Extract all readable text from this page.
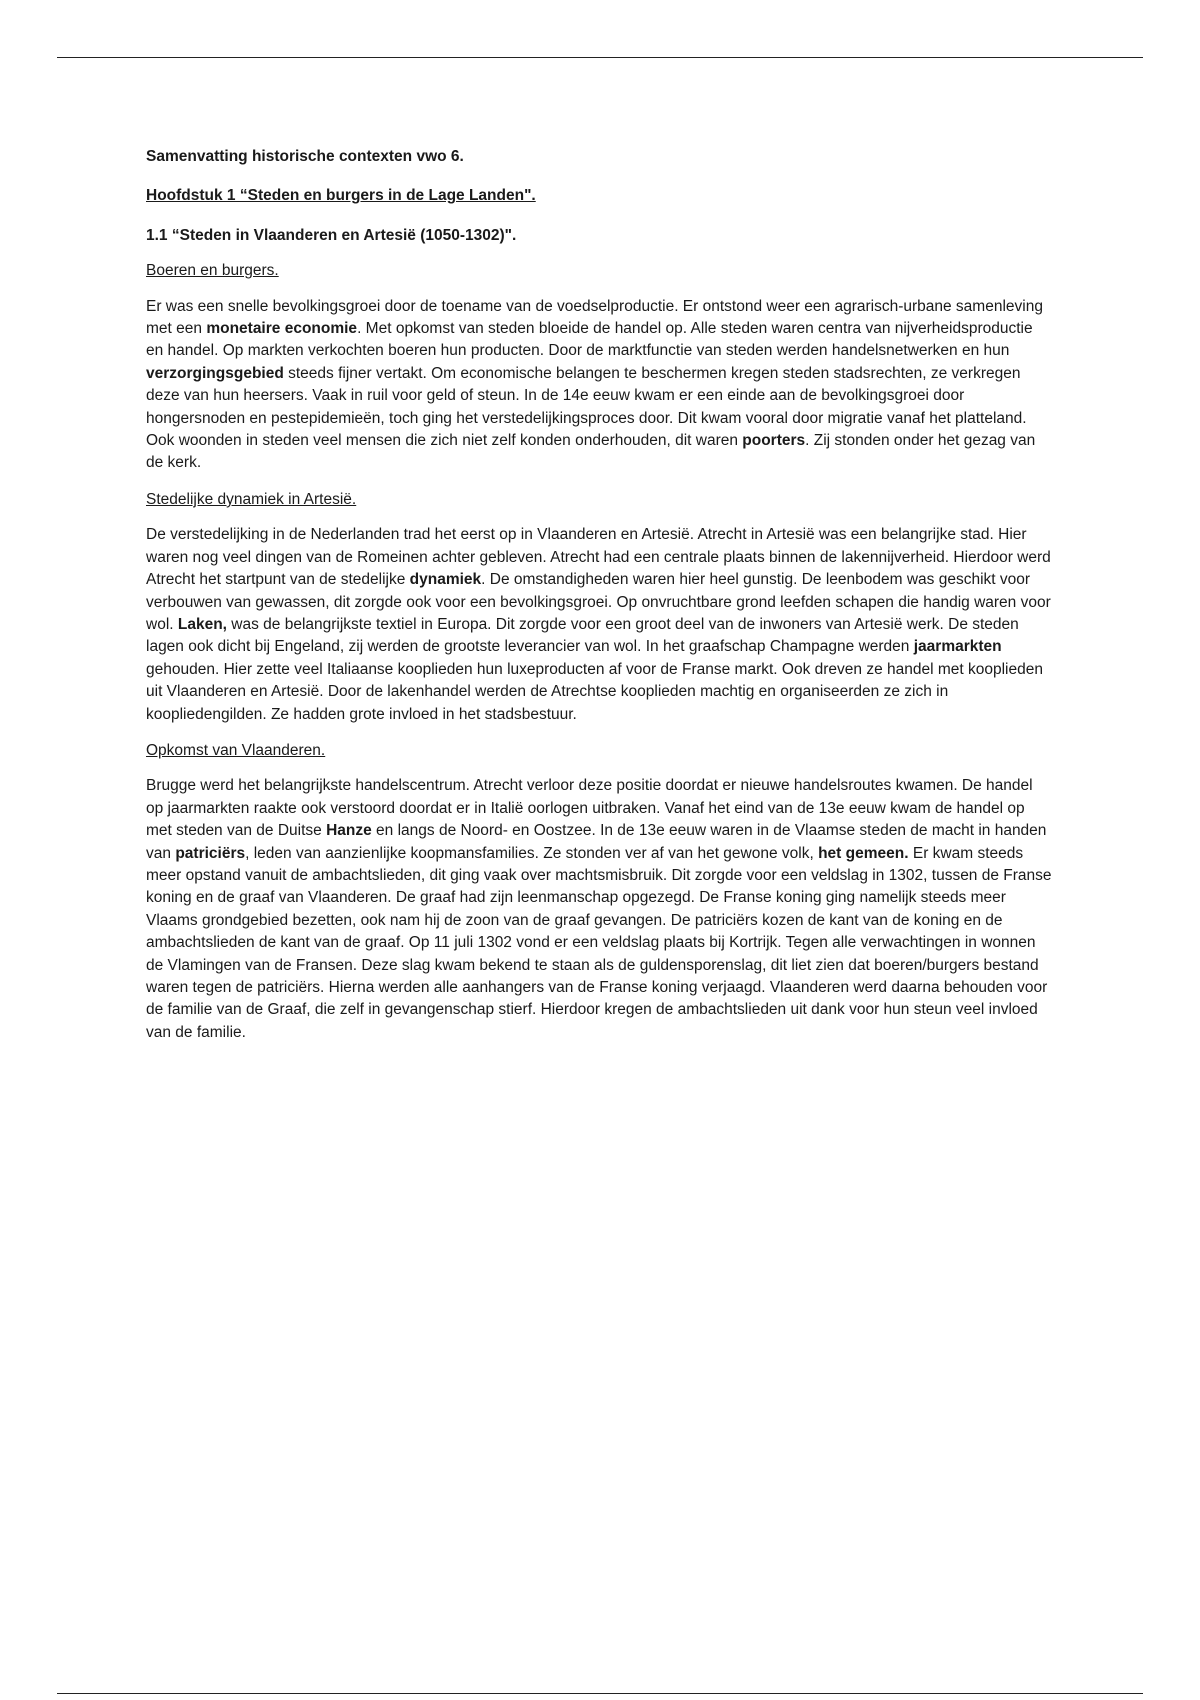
Samenvatting historische contexten vwo 6.

Hoofdstuk 1 “Steden en burgers in de Lage Landen".

1.1 “Steden in Vlaanderen en Artesië (1050-1302)".

Boeren en burgers.

Er was een snelle bevolkingsgroei door de toename van de voedselproductie. Er ontstond weer een agrarisch-urbane samenleving met een monetaire economie. Met opkomst van steden bloeide de handel op. Alle steden waren centra van nijverheidsproductie en handel. Op markten verkochten boeren hun producten. Door de marktfunctie van steden werden handelsnetwerken en hun verzorgingsgebied steeds fijner vertakt. Om economische belangen te beschermen kregen steden stadsrechten, ze verkregen deze van hun heersers. Vaak in ruil voor geld of steun. In de 14e eeuw kwam er een einde aan de bevolkingsgroei door hongersnoden en pestepidemieën, toch ging het verstedelijkingsproces door. Dit kwam vooral door migratie vanaf het platteland. Ook woonden in steden veel mensen die zich niet zelf konden onderhouden, dit waren poorters. Zij stonden onder het gezag van de kerk.

Stedelijke dynamiek in Artesië.

De verstedelijking in de Nederlanden trad het eerst op in Vlaanderen en Artesië. Atrecht in Artesië was een belangrijke stad. Hier waren nog veel dingen van de Romeinen achter gebleven. Atrecht had een centrale plaats binnen de lakennijverheid. Hierdoor werd Atrecht het startpunt van de stedelijke dynamiek. De omstandigheden waren hier heel gunstig. De leenbodem was geschikt voor verbouwen van gewassen, dit zorgde ook voor een bevolkingsgroei. Op onvruchtbare grond leefden schapen die handig waren voor wol. Laken, was de belangrijkste textiel in Europa. Dit zorgde voor een groot deel van de inwoners van Artesië werk. De steden lagen ook dicht bij Engeland, zij werden de grootste leverancier van wol. In het graafschap Champagne werden jaarmarkten gehouden. Hier zette veel Italiaanse kooplieden hun luxeproducten af voor de Franse markt. Ook dreven ze handel met kooplieden uit Vlaanderen en Artesië. Door de lakenhandel werden de Atrechtse kooplieden machtig en organiseerden ze zich in koopliedengilden. Ze hadden grote invloed in het stadsbestuur.

Opkomst van Vlaanderen.

Brugge werd het belangrijkste handelscentrum. Atrecht verloor deze positie doordat er nieuwe handelsroutes kwamen. De handel op jaarmarkten raakte ook verstoord doordat er in Italië oorlogen uitbraken. Vanaf het eind van de 13e eeuw kwam de handel op met steden van de Duitse Hanze en langs de Noord- en Oostzee. In de 13e eeuw waren in de Vlaamse steden de macht in handen van patriciërs, leden van aanzienlijke koopmansfamilies. Ze stonden ver af van het gewone volk, het gemeen. Er kwam steeds meer opstand vanuit de ambachtslieden, dit ging vaak over machtsmisbruik. Dit zorgde voor een veldslag in 1302, tussen de Franse koning en de graaf van Vlaanderen. De graaf had zijn leenmanschap opgezegd. De Franse koning ging namelijk steeds meer Vlaams grondgebied bezetten, ook nam hij de zoon van de graaf gevangen. De patriciërs kozen de kant van de koning en de ambachtslieden de kant van de graaf. Op 11 juli 1302 vond er een veldslag plaats bij Kortrijk. Tegen alle verwachtingen in wonnen de Vlamingen van de Fransen. Deze slag kwam bekend te staan als de guldensporenslag, dit liet zien dat boeren/burgers bestand waren tegen de patriciërs. Hierna werden alle aanhangers van de Franse koning verjaagd. Vlaanderen werd daarna behouden voor de familie van de Graaf, die zelf in gevangenschap stierf. Hierdoor kregen de ambachtslieden uit dank voor hun steun veel invloed van de familie.
